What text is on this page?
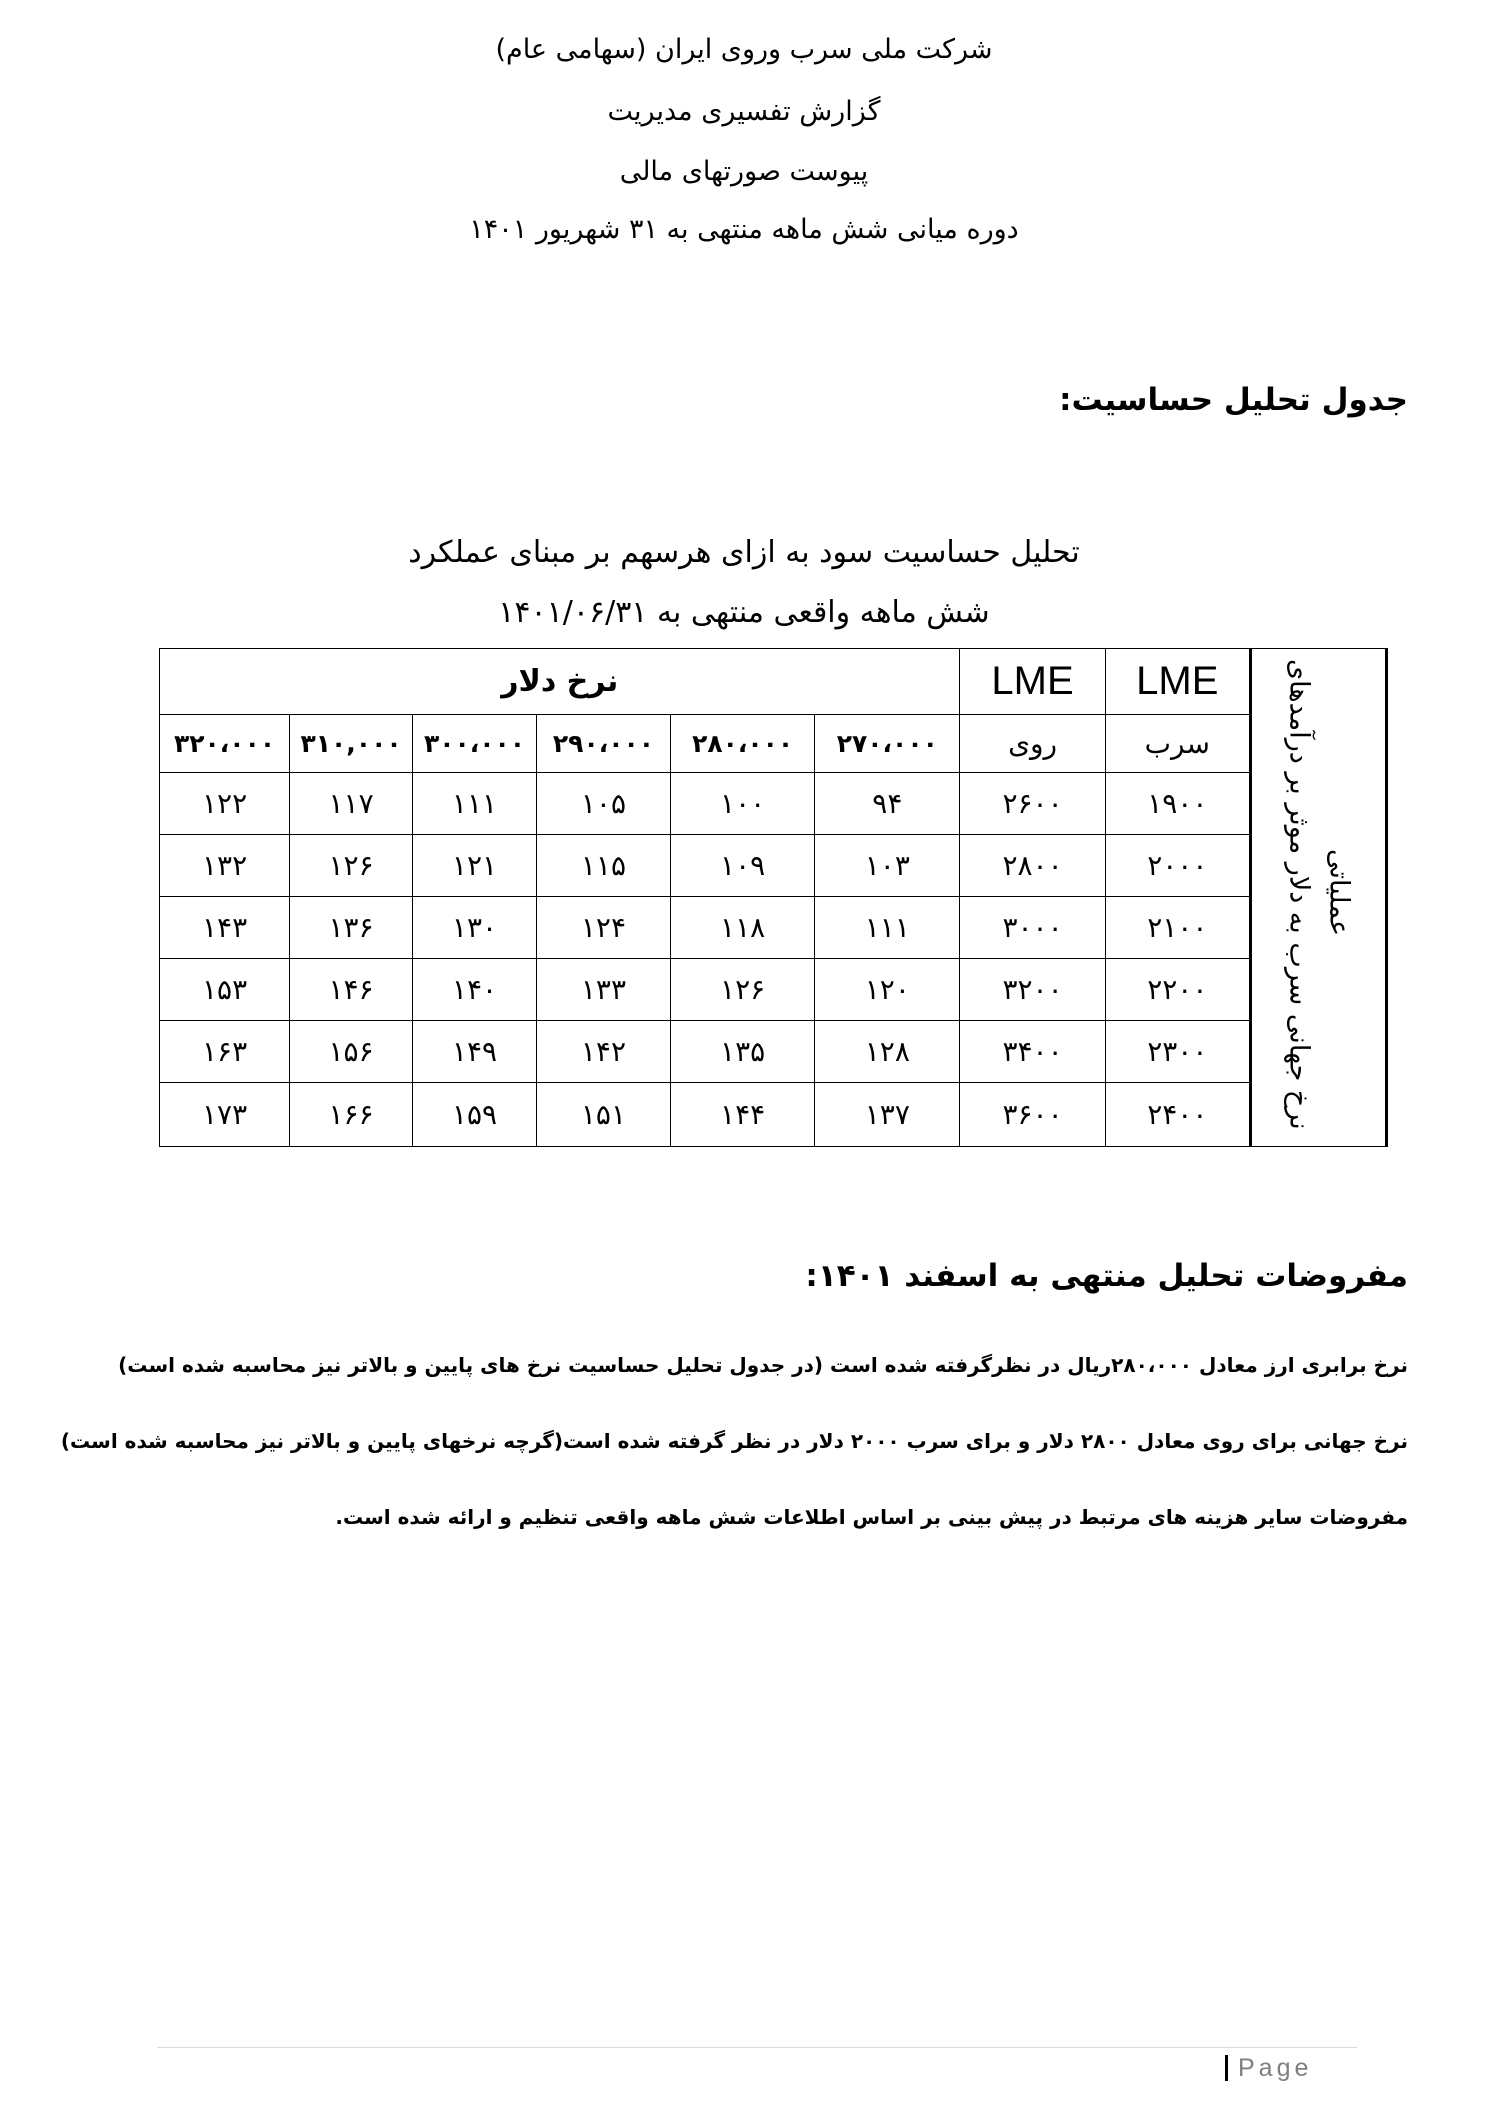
شرکت ملی سرب وروی ایران (سهامی عام)
گزارش تفسیری مدیریت
پیوست صورتهای مالی
دوره میانی شش ماهه منتهی به ۳۱ شهریور ۱۴۰۱
جدول تحلیل حساسیت:
تحلیل حساسیت سود به ازای هرسهم بر مبنای عملکرد
شش ماهه واقعی منتهی به ۱۴۰۱/۰۶/۳۱
نرخ جهانی سرب به دلار موثر بر درآمدهای عملیاتی	LME	LME	نرخ دلار					
	سرب	روی	۲۷۰،۰۰۰	۲۸۰،۰۰۰	۲۹۰،۰۰۰	۳۰۰،۰۰۰	۳۱۰,۰۰۰	۳۲۰،۰۰۰
	۱۹۰۰	۲۶۰۰	۹۴	۱۰۰	۱۰۵	۱۱۱	۱۱۷	۱۲۲
	۲۰۰۰	۲۸۰۰	۱۰۳	۱۰۹	۱۱۵	۱۲۱	۱۲۶	۱۳۲
	۲۱۰۰	۳۰۰۰	۱۱۱	۱۱۸	۱۲۴	۱۳۰	۱۳۶	۱۴۳
	۲۲۰۰	۳۲۰۰	۱۲۰	۱۲۶	۱۳۳	۱۴۰	۱۴۶	۱۵۳
	۲۳۰۰	۳۴۰۰	۱۲۸	۱۳۵	۱۴۲	۱۴۹	۱۵۶	۱۶۳
	۲۴۰۰	۳۶۰۰	۱۳۷	۱۴۴	۱۵۱	۱۵۹	۱۶۶	۱۷۳
مفروضات تحلیل منتهی به اسفند ۱۴۰۱:
نرخ برابری ارز معادل ۲۸۰،۰۰۰ریال در نظرگرفته شده است (در جدول تحلیل حساسیت نرخ های پایین و بالاتر نیز محاسبه شده است)
نرخ جهانی برای روی معادل ۲۸۰۰ دلار و برای سرب ۲۰۰۰ دلار در نظر گرفته شده است(گرچه نرخهای پایین و بالاتر نیز محاسبه شده است)
مفروضات سایر هزینه های مرتبط در پیش بینی بر اساس اطلاعات شش ماهه واقعی تنظیم و ارائه شده است.
Page
